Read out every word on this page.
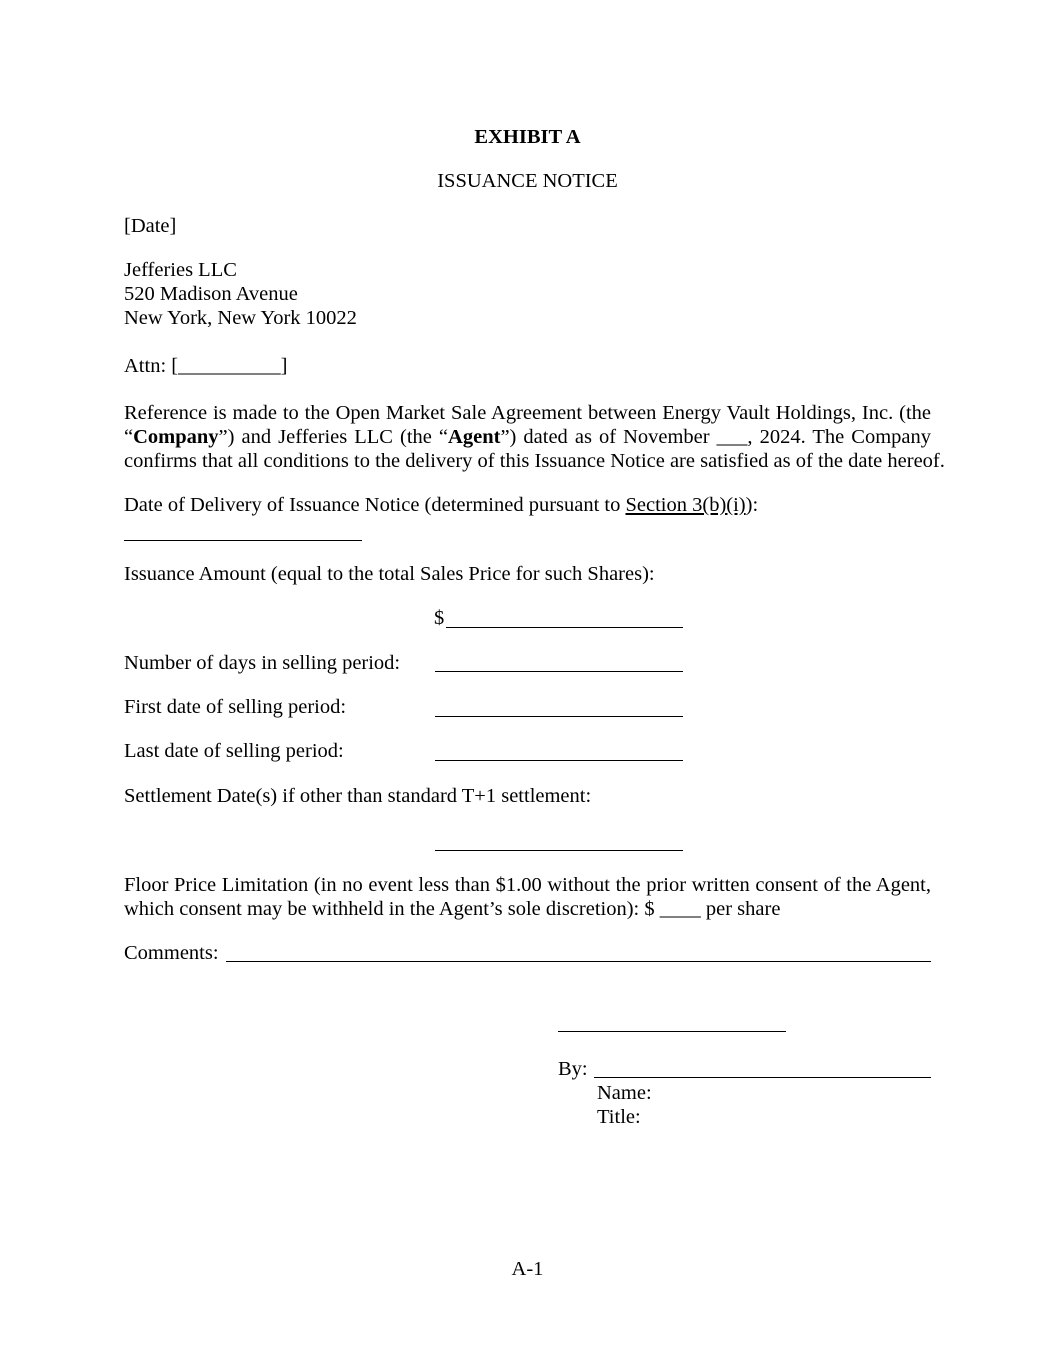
EXHIBIT A
ISSUANCE NOTICE
[Date]
Jefferies LLC
520 Madison Avenue
New York, New York 10022
Attn: [__________]
Reference is made to the Open Market Sale Agreement between Energy Vault Holdings, Inc. (the
“Company”) and Jefferies LLC (the “Agent”) dated as of November ___, 2024. The Company
confirms that all conditions to the delivery of this Issuance Notice are satisfied as of the date hereof.
Date of Delivery of Issuance Notice (determined pursuant to Section 3(b)(i)):
Issuance Amount (equal to the total Sales Price for such Shares):
$
Number of days in selling period:
First date of selling period:
Last date of selling period:
Settlement Date(s) if other than standard T+1 settlement:
Floor Price Limitation (in no event less than $1.00 without the prior written consent of the Agent,
which consent may be withheld in the Agent’s sole discretion): $ ____ per share
Comments:
By:
Name:
Title:
A-1
